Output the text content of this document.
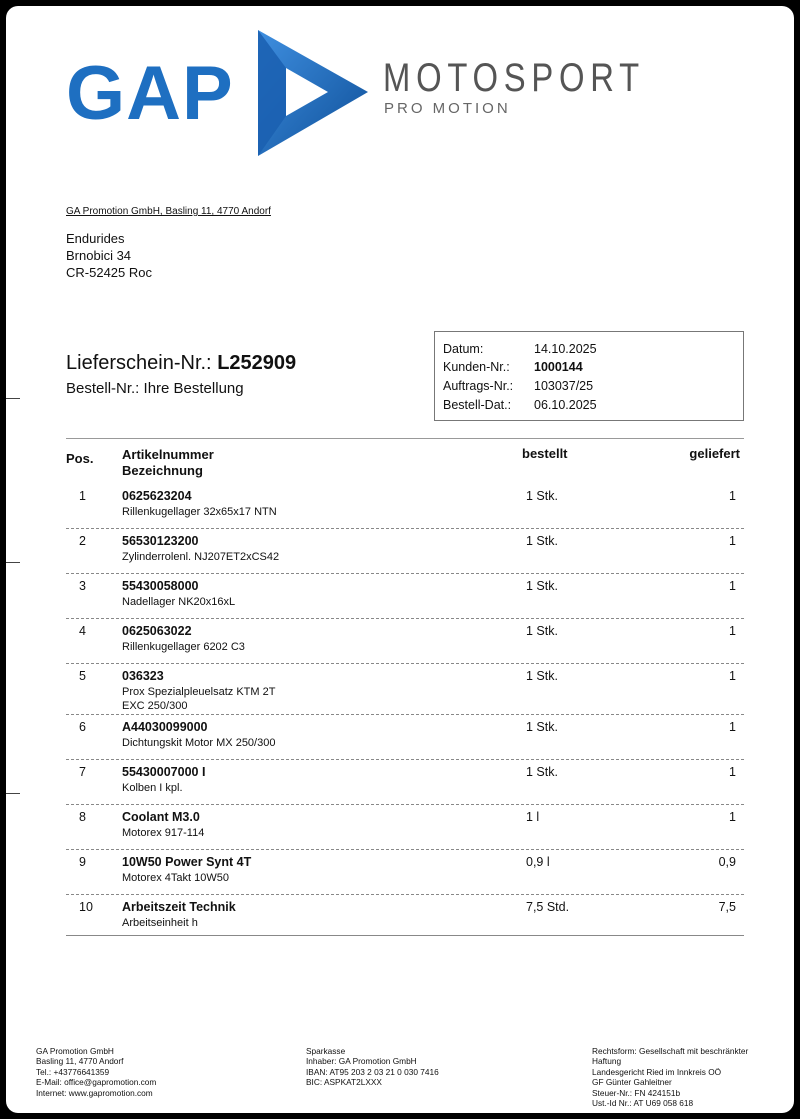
GAP	MOTOSPORT
PRO MOTION
GA Promotion GmbH, Basling 11, 4770 Andorf
Endurides
Brnobici 34
CR-52425 Roc
Lieferschein-Nr.: L252909
Bestell-Nr.: Ihre Bestellung
Datum:	14.10.2025
Kunden-Nr.: 1000144
Auftrags-Nr.: 103037/25
Bestell-Dat.: 06.10.2025
Pos. Artikelnummer
Bezeichnung
bestellt	geliefert
1	0625623204
Rillenkugellager 32x65x17 NTN
1 Stk.	1
2	56530123200
Zylinderrolenl. NJ207ET2xCS42
1 Stk.	1
3	55430058000
Nadellager NK20x16xL
1 Stk.	1
4	0625063022
Rillenkugellager 6202 C3
1 Stk.	1
5	036323
Prox Spezialpleuelsatz KTM 2T
EXC 250/300
1 Stk.	1
6	A44030099000
Dichtungskit Motor MX 250/300
1 Stk.	1
7	55430007000 I
Kolben I kpl.
1 Stk.	1
8	Coolant M3.0
Motorex 917-114
1 l	1
9	10W50 Power Synt 4T
Motorex 4Takt 10W50
0,9 l	0,9
10 Arbeitszeit Technik
Arbeitseinheit h
7,5 Std.	7,5
GA Promotion GmbH
Basling 11, 4770 Andorf
Tel.: +43776641359
E-Mail: office@gapromotion.com
Internet: www.gapromotion.com
Sparkasse
Inhaber: GA Promotion GmbH
IBAN: AT95 203 2 03 21 0 030 7416
BIC: ASPKAT2LXXX
Rechtsform: Gesellschaft mit beschränkter
Haftung
Landesgericht Ried im Innkreis OÖ
GF Günter Gahleitner
Steuer-Nr.: FN 424151b
Ust.-Id Nr.: AT U69 058 618
